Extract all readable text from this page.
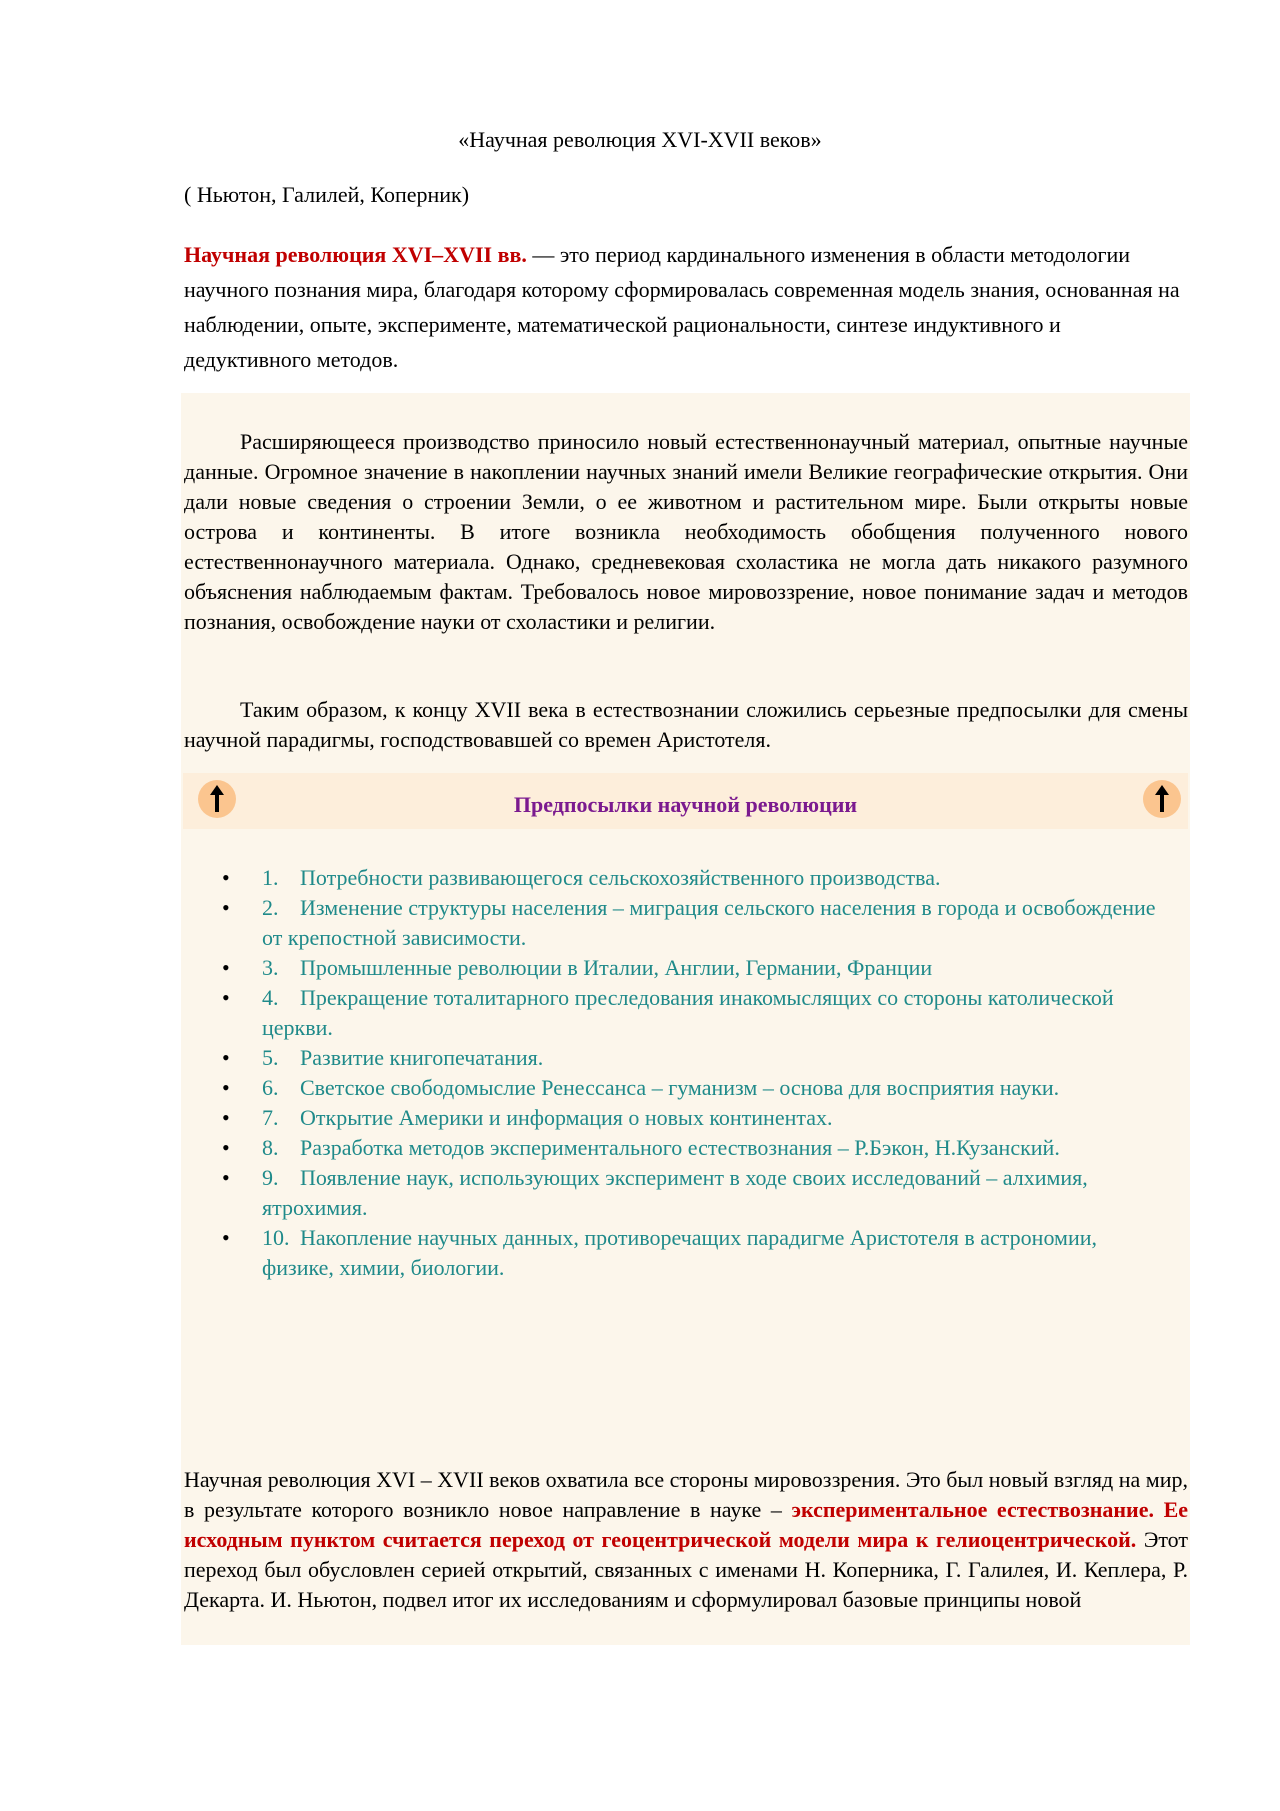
«Научная революция XVI-XVII веков»
( Ньютон, Галилей, Коперник)
Научная революция XVI–XVII вв. — это период кардинального изменения в области методологии научного познания мира, благодаря которому сформировалась современная модель знания, основанная на наблюдении, опыте, эксперименте, математической рациональности, синтезе индуктивного и дедуктивного методов.

Расширяющееся производство приносило новый естественнонаучный материал, опытные научные данные. Огромное значение в накоплении научных знаний имели Великие географические открытия. Они дали новые сведения о строении Земли, о ее животном и растительном мире. Были открыты новые острова и континенты. В итоге возникла необходимость обобщения полученного нового естественнонаучного материала. Однако, средневековая схоластика не могла дать никакого разумного объяснения наблюдаемым фактам. Требовалось новое мировоззрение, новое понимание задач и методов познания, освобождение науки от схоластики и религии.

Таким образом, к концу XVII века в естествознании сложились серьезные предпосылки для смены научной парадигмы, господствовавшей со времен Аристотеля.

Предпосылки научной революции
• 1. Потребности развивающегося сельскохозяйственного производства.
• 2. Изменение структуры населения – миграция сельского населения в города и освобождение от крепостной зависимости.
• 3. Промышленные революции в Италии, Англии, Германии, Франции
• 4. Прекращение тоталитарного преследования инакомыслящих со стороны католической церкви.
• 5. Развитие книгопечатания.
• 6. Светское свободомыслие Ренессанса – гуманизм – основа для восприятия науки.
• 7. Открытие Америки и информация о новых континентах.
• 8. Разработка методов экспериментального естествознания – Р.Бэкон, Н.Кузанский.
• 9. Появление наук, использующих эксперимент в ходе своих исследований – алхимия, ятрохимия.
• 10. Накопление научных данных, противоречащих парадигме Аристотеля в астрономии, физике, химии, биологии.

Научная революция XVI – XVII веков охватила все стороны мировоззрения. Это был новый взгляд на мир, в результате которого возникло новое направление в науке – экспериментальное естествознание. Ее исходным пунктом считается переход от геоцентрической модели мира к гелиоцентрической. Этот переход был обусловлен серией открытий, связанных с именами Н. Коперника, Г. Галилея, И. Кеплера, Р. Декарта. И. Ньютон, подвел итог их исследованиям и сформулировал базовые принципы новой
